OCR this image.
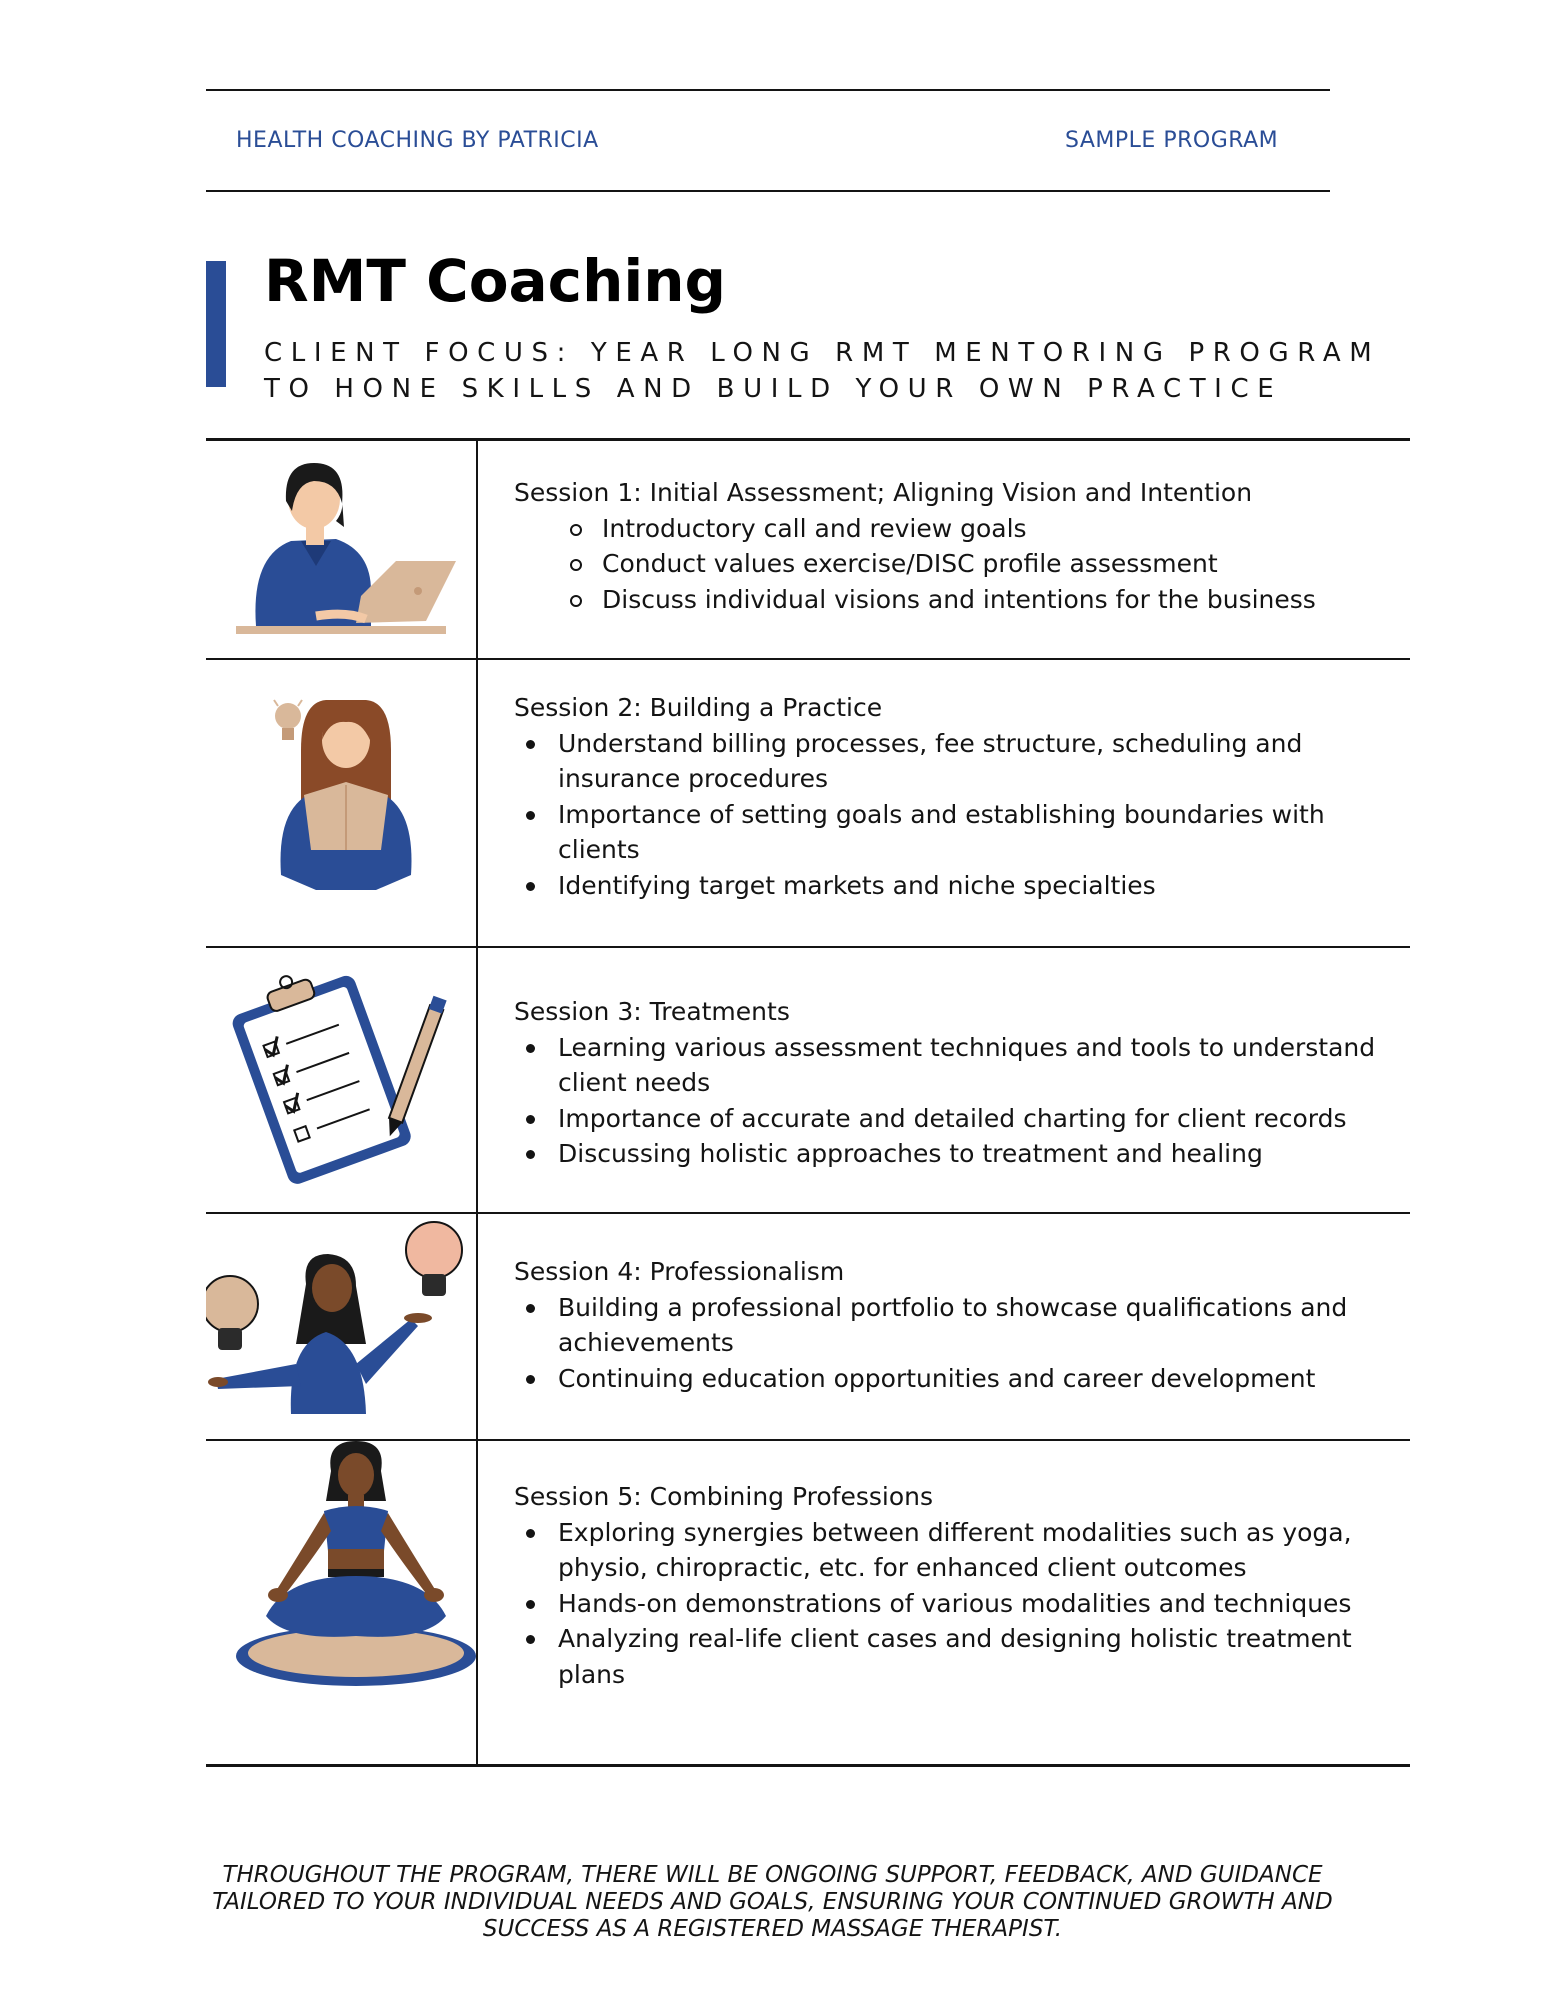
HEALTH COACHING BY PATRICIA	SAMPLE PROGRAM
RMT Coaching
CLIENT FOCUS: YEAR LONG RMT MENTORING PROGRAM
TO HONE SKILLS AND BUILD YOUR OWN PRACTICE
Session 1: Initial Assessment; Aligning Vision and Intention
Introductory call and review goals
Conduct values exercise/DISC profile assessment
Discuss individual visions and intentions for the business
Session 2: Building a Practice
Understand billing processes, fee structure, scheduling and insurance procedures
Importance of setting goals and establishing boundaries with clients
Identifying target markets and niche specialties
Session 3: Treatments
Learning various assessment techniques and tools to understand client needs
Importance of accurate and detailed charting for client records
Discussing holistic approaches to treatment and healing
Session 4: Professionalism
Building a professional portfolio to showcase qualifications and achievements
Continuing education opportunities and career development
Session 5: Combining Professions
Exploring synergies between different modalities such as yoga, physio, chiropractic, etc. for enhanced client outcomes
Hands-on demonstrations of various modalities and techniques
Analyzing real-life client cases and designing holistic treatment plans
THROUGHOUT THE PROGRAM, THERE WILL BE ONGOING SUPPORT, FEEDBACK, AND GUIDANCE
TAILORED TO YOUR INDIVIDUAL NEEDS AND GOALS, ENSURING YOUR CONTINUED GROWTH AND
SUCCESS AS A REGISTERED MASSAGE THERAPIST.
